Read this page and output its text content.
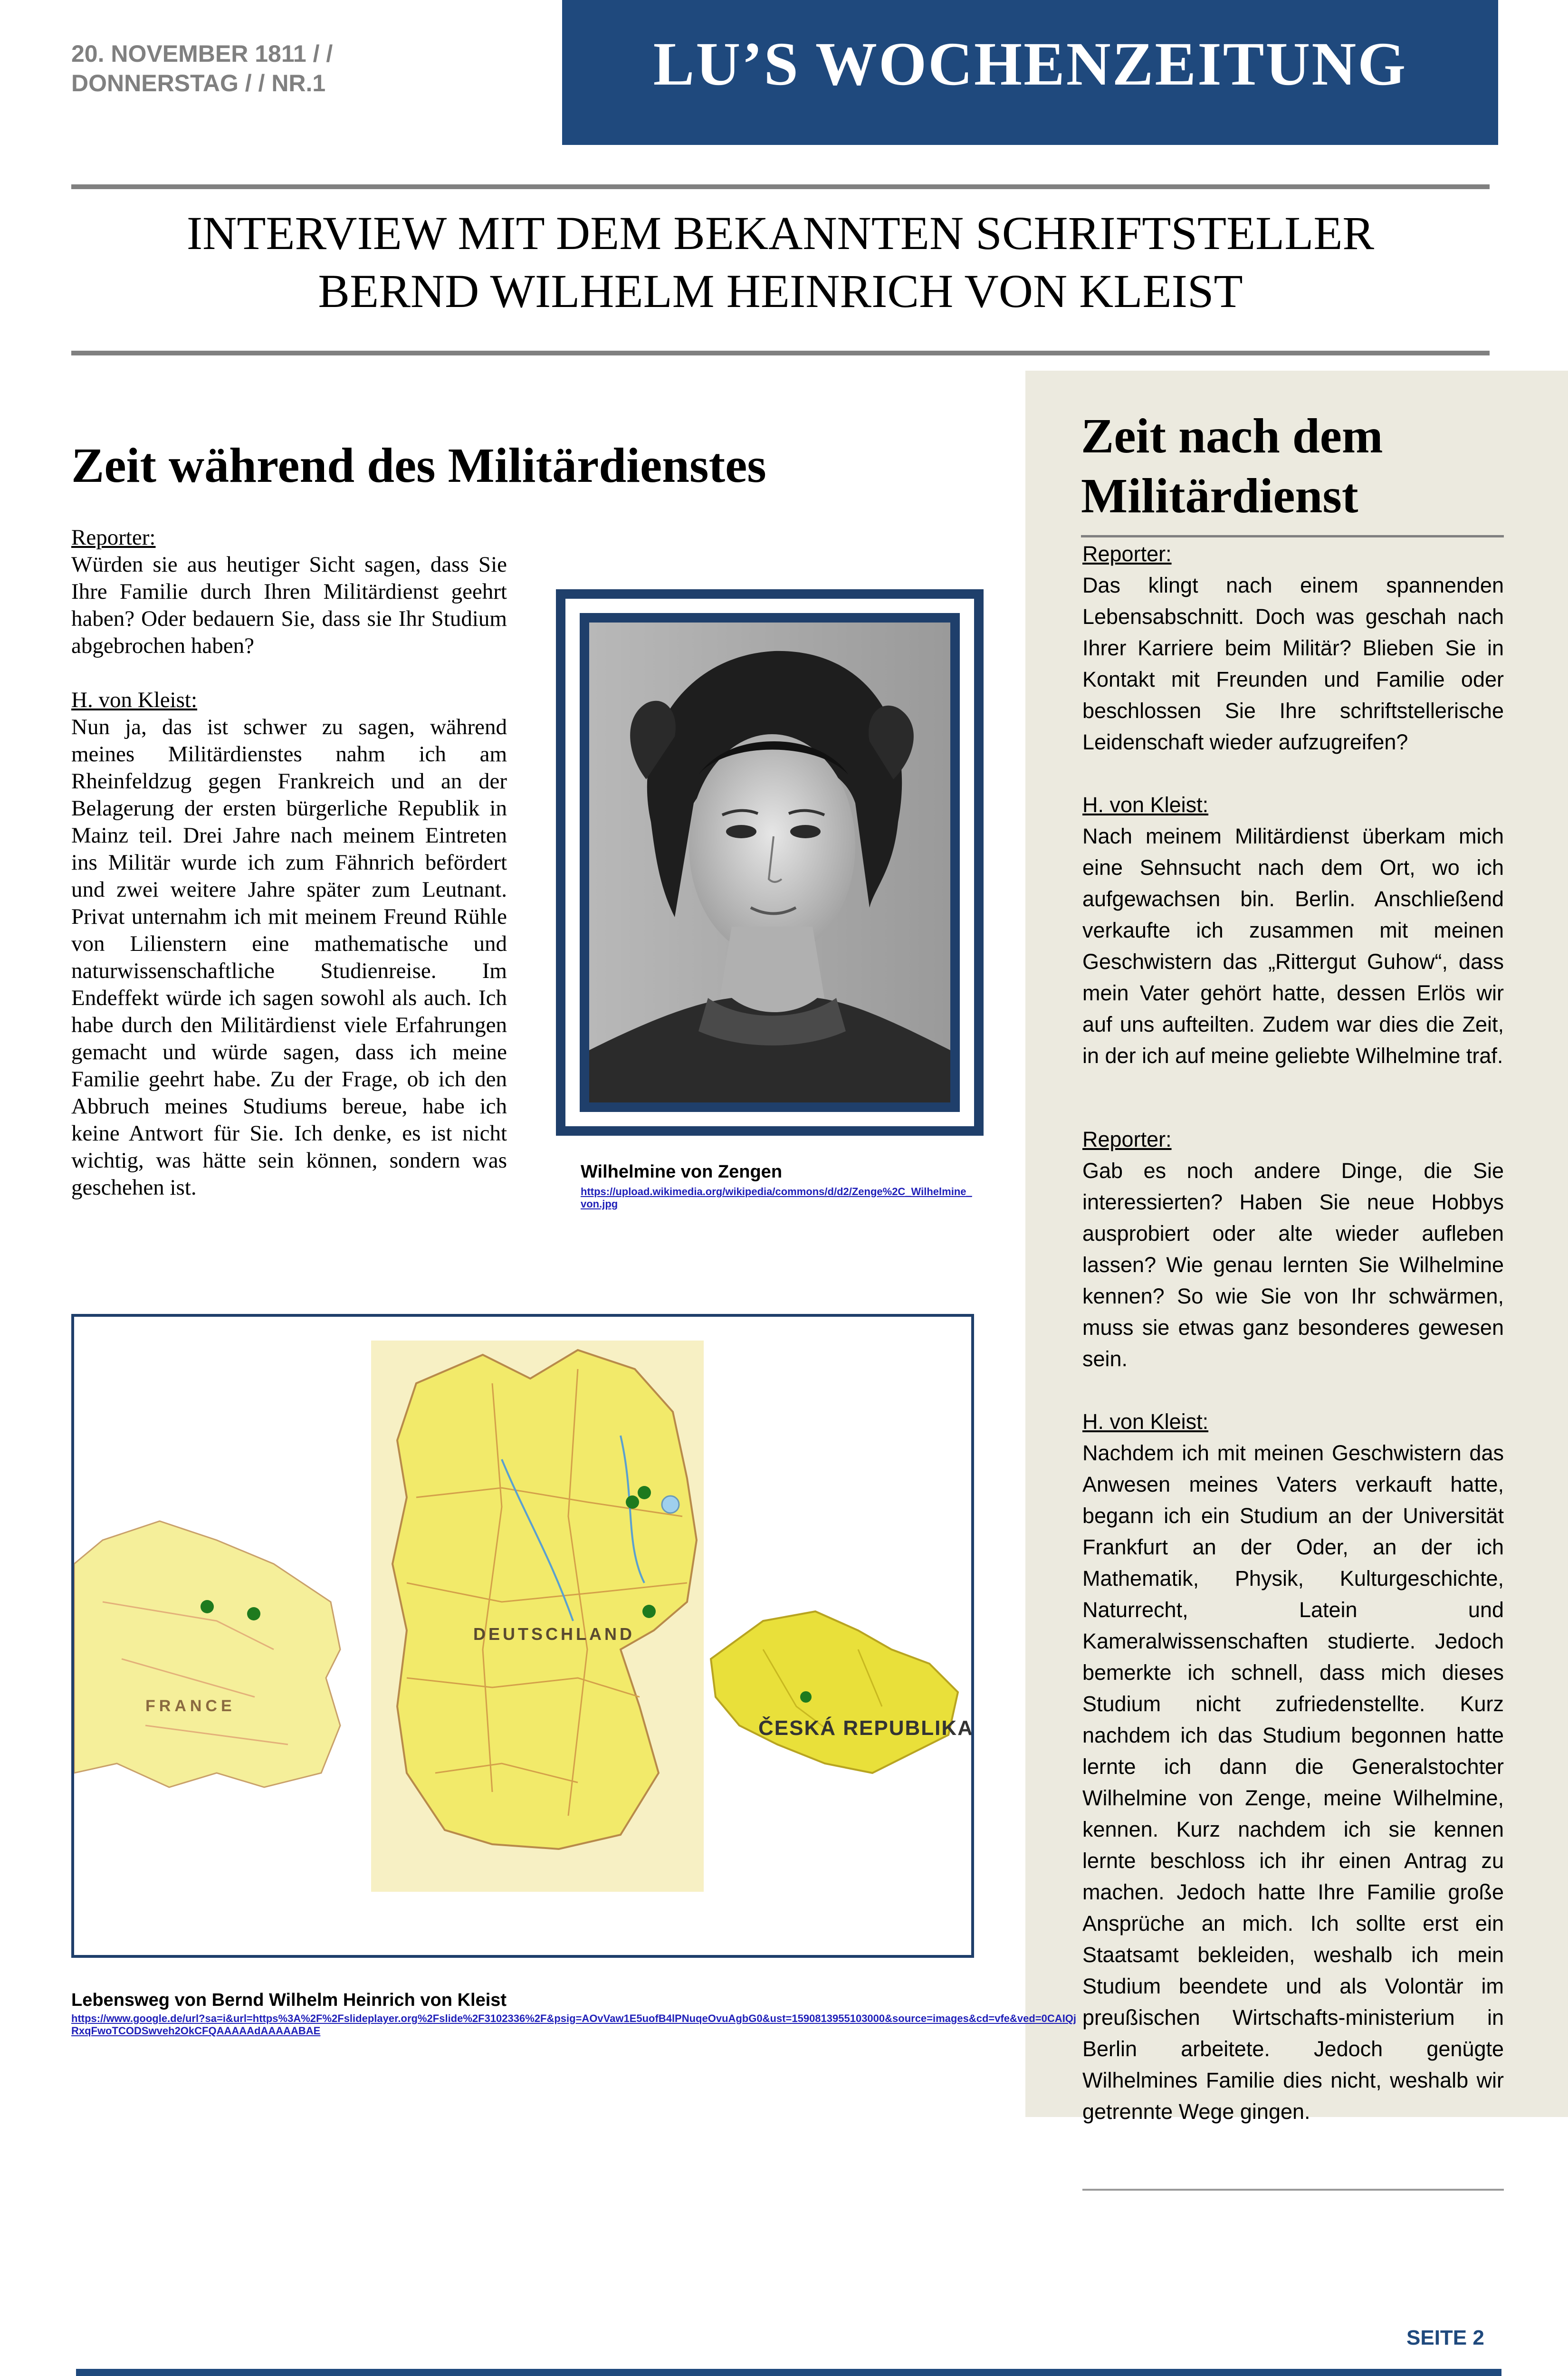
20. NOVEMBER 1811 / /
DONNERSTAG / / NR.1	LU’S WOCHENZEITUNG
INTERVIEW MIT DEM BEKANNTEN SCHRIFTSTELLER
BERND WILHELM HEINRICH VON KLEIST
Zeit während des Militärdienstes
Reporter:
Würden sie aus heutiger Sicht sagen, dass Sie Ihre Familie durch Ihren Militärdienst geehrt haben? Oder bedauern Sie, dass sie Ihr Studium abgebrochen haben?
H. von Kleist:
Nun ja, das ist schwer zu sagen, während meines Militärdienstes nahm ich am Rheinfeldzug gegen Frankreich und an der Belagerung der ersten bürgerliche Republik in Mainz teil. Drei Jahre nach meinem Eintreten ins Militär wurde ich zum Fähnrich befördert und zwei weitere Jahre später zum Leutnant. Privat unternahm ich mit meinem Freund Rühle von Lilienstern eine mathematische und naturwissenschaftliche Studienreise. Im Endeffekt würde ich sagen sowohl als auch. Ich habe durch den Militärdienst viele Erfahrungen gemacht und würde sagen, dass ich meine Familie geehrt habe. Zu der Frage, ob ich den Abbruch meines Studiums bereue, habe ich keine Antwort für Sie. Ich denke, es ist nicht wichtig, was hätte sein können, sondern was geschehen ist.
Wilhelmine von Zengen
https://upload.wikimedia.org/wikipedia/commons/d/d2/Zenge%2C_Wilhelmine_von.jpg
FRANCE
DEUTSCHLAND
ČESKÁ REPUBLIKA
Lebensweg von Bernd Wilhelm Heinrich von Kleist
https://www.google.de/url?sa=i&url=https%3A%2F%2Fslideplayer.org%2Fslide%2F3102336%2F&psig=AOvVaw1E5uofB4lPNuqeOvuAgbG0&ust=1590813955103000&source=images&cd=vfe&ved=0CAIQjRxqFwoTCODSwveh2OkCFQAAAAAdAAAAABAE
Zeit nach dem
Militärdienst
Reporter:
Das klingt nach einem spannenden Lebensabschnitt. Doch was geschah nach Ihrer Karriere beim Militär? Blieben Sie in Kontakt mit Freunden und Familie oder beschlossen Sie Ihre schriftstellerische Leidenschaft wieder aufzugreifen?
H. von Kleist:
Nach meinem Militärdienst überkam mich eine Sehnsucht nach dem Ort, wo ich aufgewachsen bin. Berlin. Anschließend verkaufte ich zusammen mit meinen Geschwistern das „Rittergut Guhow“, dass mein Vater gehört hatte, dessen Erlös wir auf uns aufteilten. Zudem war dies die Zeit, in der ich auf meine geliebte Wilhelmine traf.
Reporter:
Gab es noch andere Dinge, die Sie interessierten? Haben Sie neue Hobbys ausprobiert oder alte wieder aufleben lassen? Wie genau lernten Sie Wilhelmine kennen? So wie Sie von Ihr schwärmen, muss sie etwas ganz besonderes gewesen sein.
H. von Kleist:
Nachdem ich mit meinen Geschwistern das Anwesen meines Vaters verkauft hatte, begann ich ein Studium an der Universität Frankfurt an der Oder, an der ich Mathematik, Physik, Kulturgeschichte, Naturrecht, Latein und Kameralwissenschaften studierte. Jedoch bemerkte ich schnell, dass mich dieses Studium nicht zufriedenstellte. Kurz nachdem ich das Studium begonnen hatte lernte ich dann die Generalstochter Wilhelmine von Zenge, meine Wilhelmine, kennen. Kurz nachdem ich sie kennen lernte beschloss ich ihr einen Antrag zu machen. Jedoch hatte Ihre Familie große Ansprüche an mich. Ich sollte erst ein Staatsamt bekleiden, weshalb ich mein Studium beendete und als Volontär im preußischen Wirtschafts-ministerium in Berlin arbeitete. Jedoch genügte Wilhelmines Familie dies nicht, weshalb wir getrennte Wege gingen.
SEITE 2
